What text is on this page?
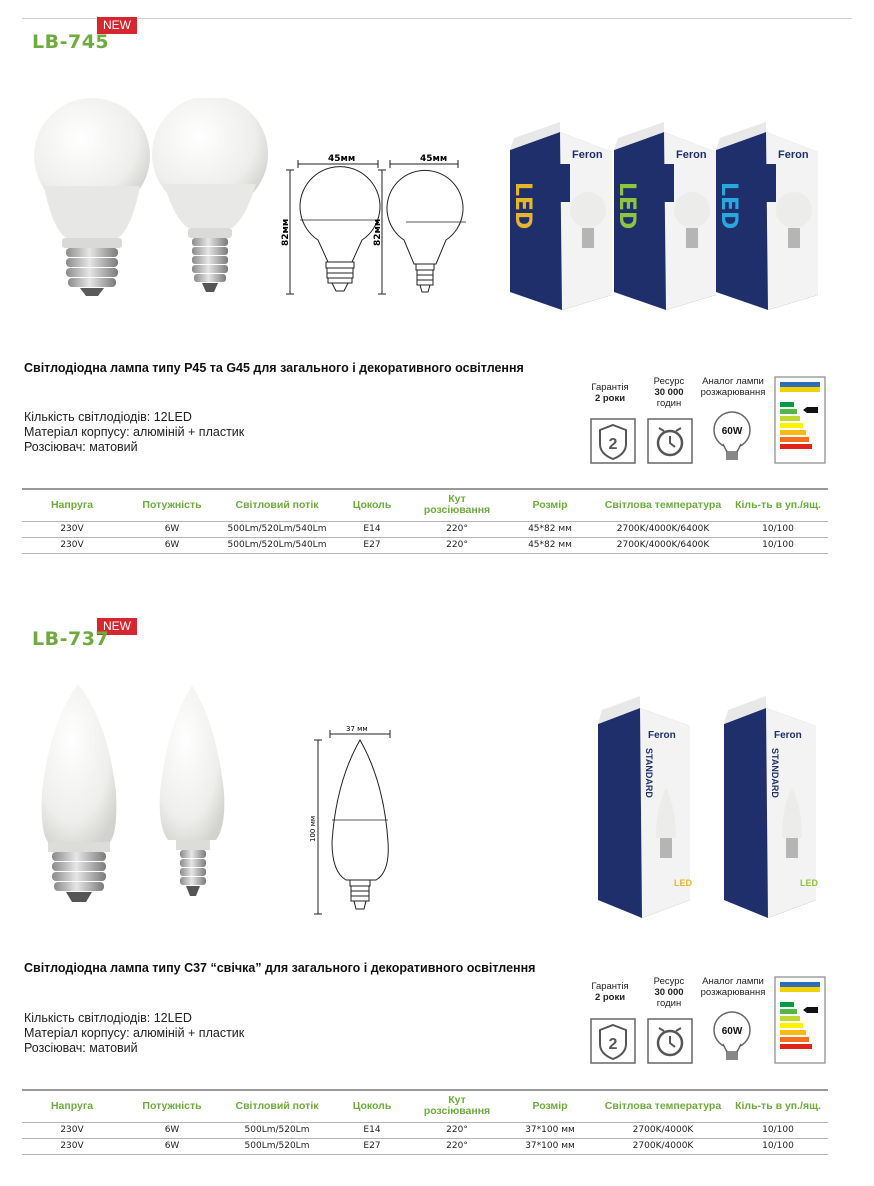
NEW
LB-745
45мм	45мм
82мм	82мм
LED
Feron
LED
Feron
LED
Feron
Світлодіодна лампа типу P45 та G45 для загального і декоративного освітлення
Кількість світлодіодів: 12LED
Матеріал корпусу: алюміній + пластик
Розсіювач: матовий
Гарантія
2 роки
Ресурс
30 000
годин
Аналог лампи розжарювання
2
60W
Напруга	Потужність	Світловий потік	Цоколь	Кут розсіювання	Розмір	Світлова температура	Кіль-ть в уп./ящ.
230V	6W	500Lm/520Lm/540Lm	E14	220°	45*82 мм	2700K/4000K/6400K	10/100
230V	6W	500Lm/520Lm/540Lm	E27	220°	45*82 мм	2700K/4000K/6400K	10/100
NEW
LB-737
37 мм
100 мм
Feron
STANDARD
LED
Feron
STANDARD
LED
Світлодіодна лампа типу C37 “свічка” для загального і декоративного освітлення
Кількість світлодіодів: 12LED
Матеріал корпусу: алюміній + пластик
Розсіювач: матовий
Гарантія
2 роки
Ресурс
30 000
годин
Аналог лампи розжарювання
2
60W
Напруга	Потужність	Світловий потік	Цоколь	Кут розсіювання	Розмір	Світлова температура	Кіль-ть в уп./ящ.
230V	6W	500Lm/520Lm	E14	220°	37*100 мм	2700K/4000K	10/100
230V	6W	500Lm/520Lm	E27	220°	37*100 мм	2700K/4000K	10/100
